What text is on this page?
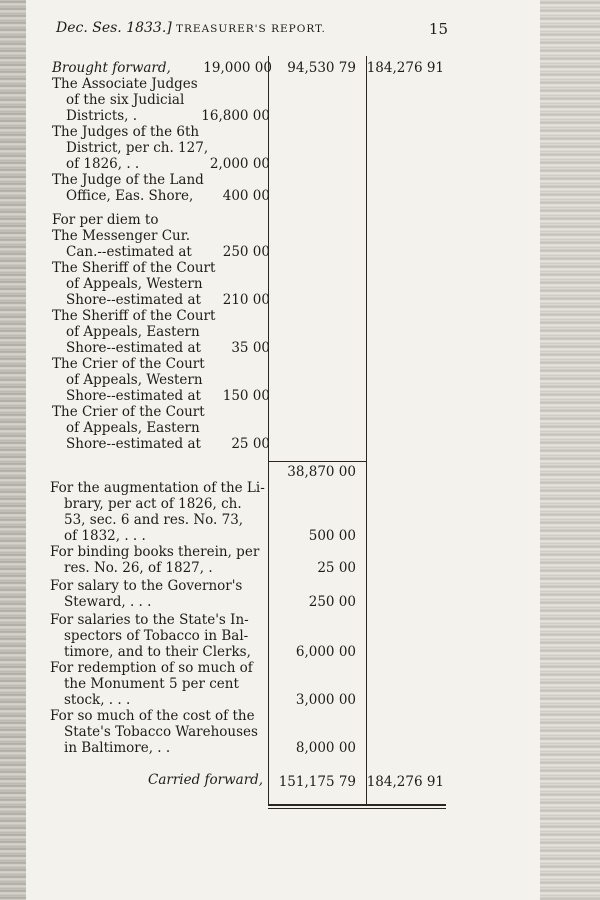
Dec. Ses. 1833.] TREASURER'S REPORT.	15
Brought forward, 19,000 00	94,530 79 184,276 91
The Associate Judges
of the six Judicial
Districts, .	16,800 00
The Judges of the 6th
District, per ch. 127,
of 1826, . .	2,000 00
The Judge of the Land
Office, Eas. Shore, 400 00
For per diem to
The Messenger Cur.
Can.--estimated at 250 00
The Sheriff of the Court
of Appeals, Western
Shore--estimated at 210 00
The Sheriff of the Court
of Appeals, Eastern
Shore--estimated at 35 00
The Crier of the Court
of Appeals, Western
Shore--estimated at 150 00
The Crier of the Court
of Appeals, Eastern
Shore--estimated at 25 00
38,870 00
For the augmentation of the Li-
brary, per act of 1826, ch.
53, sec. 6 and res. No. 73,
of 1832, . . .	500 00
For binding books therein, per
res. No. 26, of 1827, .	25 00
For salary to the Governor's
Steward, . . .	250 00
For salaries to the State's In-
spectors of Tobacco in Bal-
timore, and to their Clerks,	6,000 00
For redemption of so much of
the Monument 5 per cent
stock, . . .	3,000 00
For so much of the cost of the
State's Tobacco Warehouses
in Baltimore, . .	8,000 00
Carried forward,	151,175 79 184,276 91
